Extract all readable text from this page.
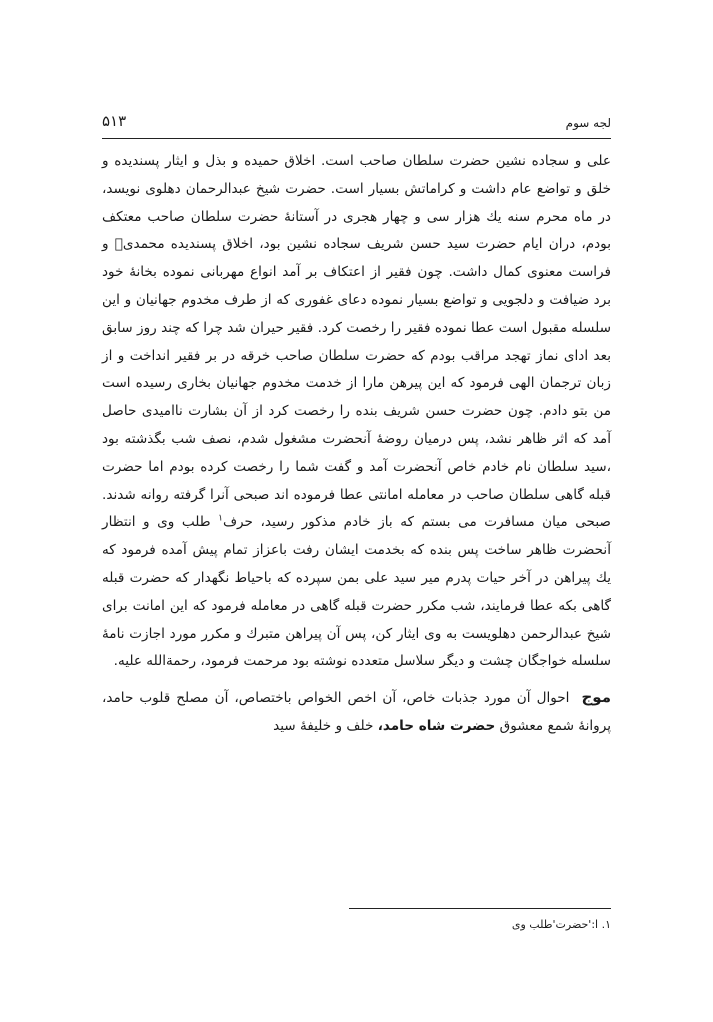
لجه سوم
۵۱۳

علی و سجاده نشین حضرت سلطان صاحب است. اخلاق حمیده و بذل و ایثار پسندیده و خلق و تواضع عام داشت و کراماتش بسیار است. حضرت شیخ عبدالرحمان دهلوی نویسد، در ماه محرم سنه یك هزار سی و چهار هجری در آستانهٔ حضرت سلطان صاحب معتکف بودم، دران ایام حضرت سید حسن شریف سجاده نشین بود، اخلاق پسندیده محمدیؐ و فراست معنوی کمال داشت. چون فقیر از اعتکاف بر آمد انواع مهربانی نموده بخانهٔ خود برد ضیافت و دلجویی و تواضع بسیار نموده دعای غفوری که از طرف مخدوم جهانیان و این سلسله مقبول است عطا نموده فقیر را رخصت کرد. فقیر حیران شد چرا که چند روز سابق بعد ادای نماز تهجد مراقب بودم که حضرت سلطان صاحب خرقه در بر فقیر انداخت و از زبان ترجمان الهی فرمود که این پیرهن مارا از خدمت مخدوم جهانیان بخاری رسیده است من بتو دادم. چون حضرت حسن شریف بنده را رخصت کرد از آن بشارت ناامیدی حاصل آمد که اثر ظاهر نشد، پس درمیان روضهٔ آنحضرت مشغول شدم، نصف شب بگذشته بود ،سید سلطان نام خادم خاص آنحضرت آمد و گفت شما را رخصت کرده بودم اما حضرت قبله گاهی سلطان صاحب در معامله امانتی عطا فرموده اند صبحی آنرا گرفته روانه شدند. صبحی میان مسافرت می بستم که باز خادم مذکور رسید، حرف$^۱$ طلب وی و انتظار آنحضرت ظاهر ساخت پس بنده که بخدمت ایشان رفت باعزاز تمام پیش آمده فرمود که یك پیراهن در آخر حیات پدرم میر سید علی بمن سپرده که باحیاط نگهدار که حضرت قبله گاهی بکه عطا فرمایند، شب مکرر حضرت قبله گاهی در معامله فرمود که این امانت برای شیخ عبدالرحمن دهلویست به وی ایثار کن، پس آن پیراهن متبرك و مکرر مورد اجازت نامهٔ سلسله خواجگان چشت و دیگر سلاسل متعدده نوشته بود مرحمت فرمود، رحمةالله علیه.

موج احوال آن مورد جذبات خاص، آن اخص الخواص باختصاص، آن مصلح قلوب حامد، پروانهٔ شمع معشوق حضرت شاه حامد، خلف و خلیفهٔ سید

۱. ا:'حضرت'طلب وی
